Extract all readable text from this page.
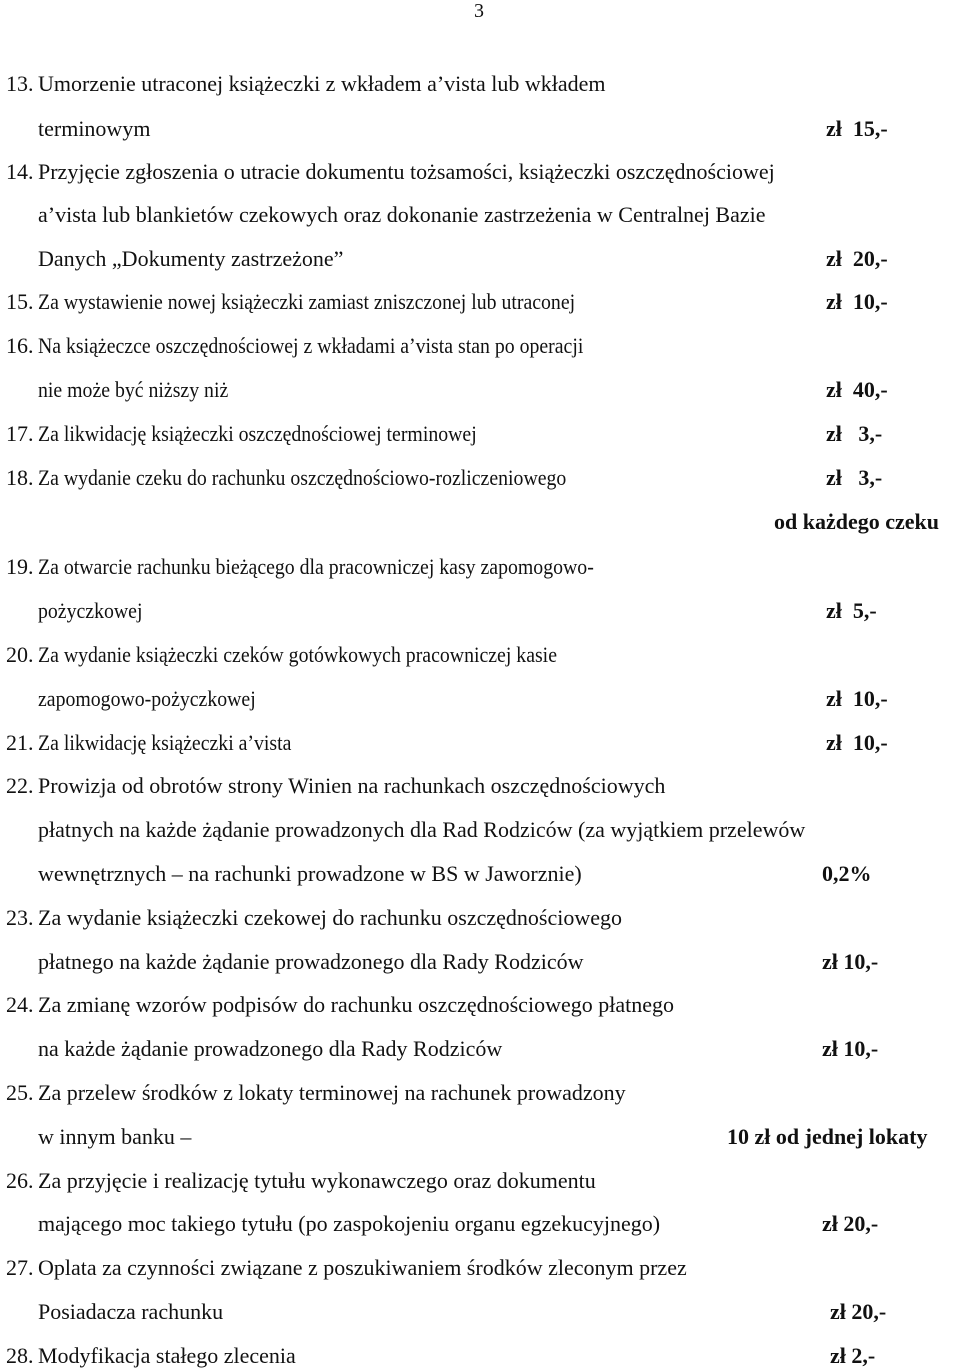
3
13. Umorzenie utraconej książeczki z wkładem a’vista lub wkładem
terminowym	zł 15,-
14. Przyjęcie zgłoszenia o utracie dokumentu tożsamości, książeczki oszczędnościowej
a’vista lub blankietów czekowych oraz dokonanie zastrzeżenia w Centralnej Bazie
Danych „Dokumenty zastrzeżone”	zł 20,-
15. Za wystawienie nowej książeczki zamiast zniszczonej lub utraconej	zł 10,-
16. Na książeczce oszczędnościowej z wkładami a’vista stan po operacji
nie może być niższy niż	zł 40,-
17. Za likwidację książeczki oszczędnościowej terminowej	zł 3,-
18. Za wydanie czeku do rachunku oszczędnościowo-rozliczeniowego	zł 3,-
od każdego czeku
19. Za otwarcie rachunku bieżącego dla pracowniczej kasy zapomogowo-
pożyczkowej	zł 5,-
20. Za wydanie książeczki czeków gotówkowych pracowniczej kasie
zapomogowo-pożyczkowej	zł 10,-
21. Za likwidację książeczki a’vista	zł 10,-
22. Prowizja od obrotów strony Winien na rachunkach oszczędnościowych
płatnych na każde żądanie prowadzonych dla Rad Rodziców (za wyjątkiem przelewów
wewnętrznych – na rachunki prowadzone w BS w Jaworznie)	0,2%
23. Za wydanie książeczki czekowej do rachunku oszczędnościowego
płatnego na każde żądanie prowadzonego dla Rady Rodziców	zł 10,-
24. Za zmianę wzorów podpisów do rachunku oszczędnościowego płatnego
na każde żądanie prowadzonego dla Rady Rodziców	zł 10,-
25. Za przelew środków z lokaty terminowej na rachunek prowadzony
w innym banku –	10 zł od jednej lokaty
26. Za przyjęcie i realizację tytułu wykonawczego oraz dokumentu
mającego moc takiego tytułu (po zaspokojeniu organu egzekucyjnego)	zł 20,-
27. Oplata za czynności związane z poszukiwaniem środków zleconym przez
Posiadacza rachunku	zł 20,-
28. Modyfikacja stałego zlecenia	zł 2,-
